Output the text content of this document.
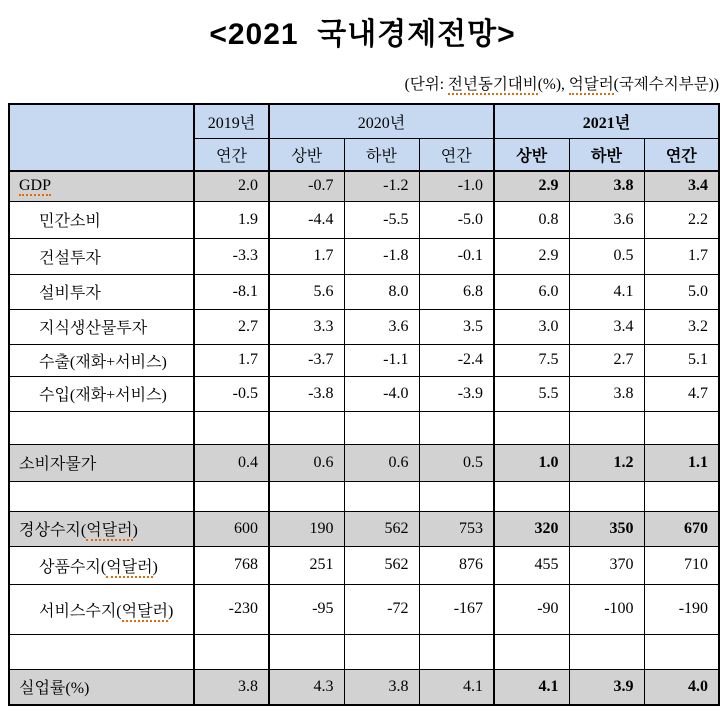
<2021  국내경제전망>
(단위: 전년동기대비(%), 억달러(국제수지부문))
	2019년	2020년			2021년		
	연간	상반	하반	연간	상반	하반	연간
GDP	2.0	-0.7	-1.2	-1.0	2.9	3.8	3.4
민간소비	1.9	-4.4	-5.5	-5.0	0.8	3.6	2.2
건설투자	-3.3	1.7	-1.8	-0.1	2.9	0.5	1.7
설비투자	-8.1	5.6	8.0	6.8	6.0	4.1	5.0
지식생산물투자	2.7	3.3	3.6	3.5	3.0	3.4	3.2
수출(재화+서비스)	1.7	-3.7	-1.1	-2.4	7.5	2.7	5.1
수입(재화+서비스)	-0.5	-3.8	-4.0	-3.9	5.5	3.8	4.7

소비자물가	0.4	0.6	0.6	0.5	1.0	1.2	1.1

경상수지(억달러)	600	190	562	753	320	350	670
상품수지(억달러)	768	251	562	876	455	370	710
서비스수지(억달러)	-230	-95	-72	-167	-90	-100	-190

실업률(%)	3.8	4.3	3.8	4.1	4.1	3.9	4.0
